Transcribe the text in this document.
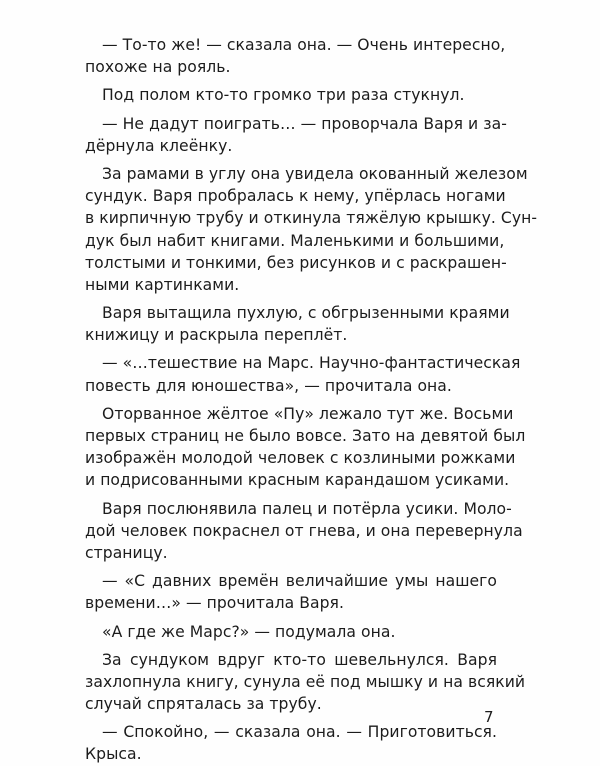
— То-то же! — сказала она. — Очень интересно,
похоже на рояль.
Под полом кто-то громко три раза стукнул.
— Не дадут поиграть… — проворчала Варя и за-
дёрнула клеёнку.
За рамами в углу она увидела окованный железом
сундук. Варя пробралась к нему, упёрлась ногами
в кирпичную трубу и откинула тяжёлую крышку. Сун-
дук был набит книгами. Маленькими и большими,
толстыми и тонкими, без рисунков и с раскрашен-
ными картинками.
Варя вытащила пухлую, с обгрызенными краями
книжицу и раскрыла переплёт.
— «…тешествие на Марс. Научно-фантастическая
повесть для юношества», — прочитала она.
Оторванное жёлтое «Пу» лежало тут же. Восьми
первых страниц не было вовсе. Зато на девятой был
изображён молодой человек с козлиными рожками
и подрисованными красным карандашом усиками.
Варя послюнявила палец и потёрла усики. Моло-
дой человек покраснел от гнева, и она перевернула
страницу.
— «С давних времён величайшие умы нашего
времени…» — прочитала Варя.
«А где же Марс?» — подумала она.
За сундуком вдруг кто-то шевельнулся. Варя
захлопнула книгу, сунула её под мышку и на всякий
случай спряталась за трубу.
— Спокойно, — сказала она. — Приготовиться.
Крыса.
7
